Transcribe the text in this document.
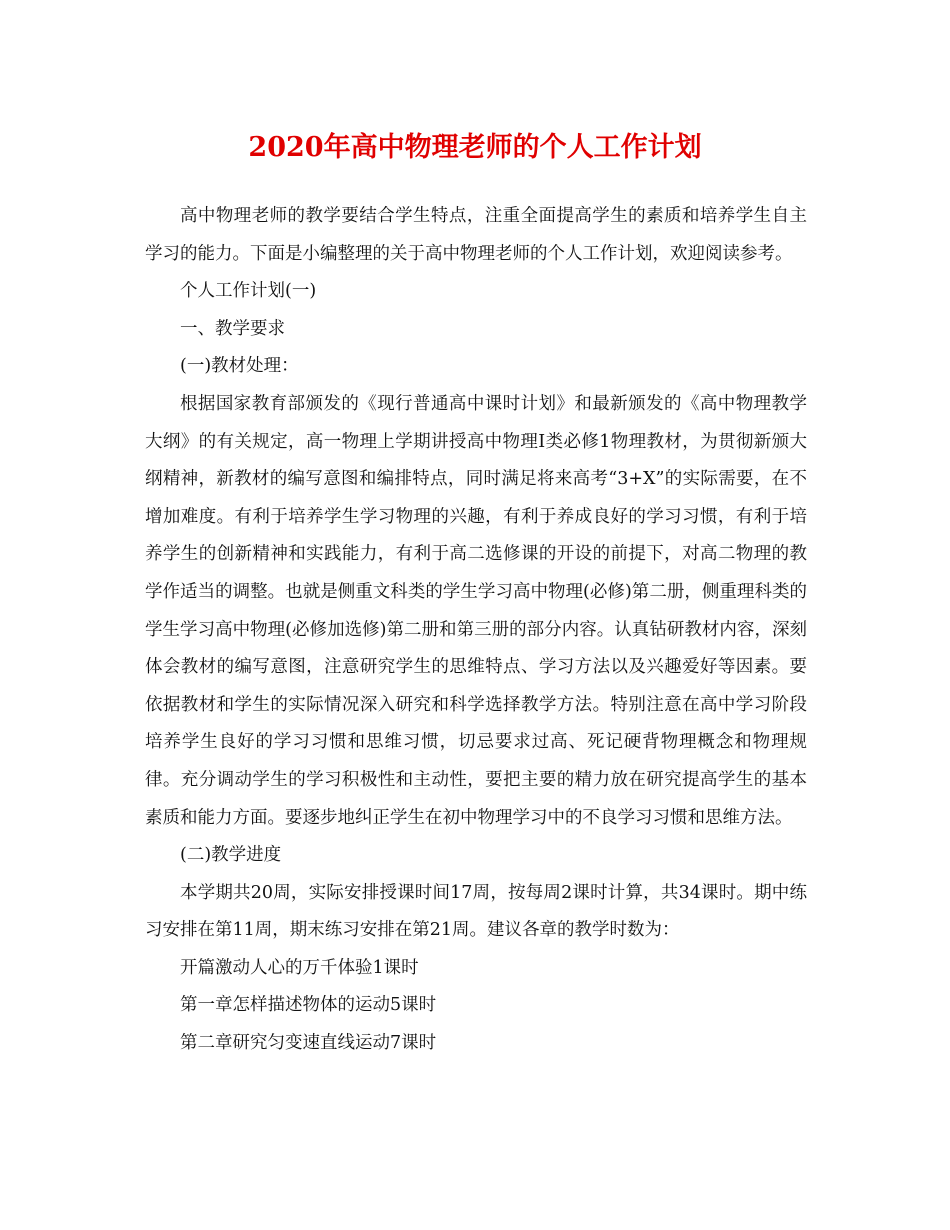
2020年高中物理老师的个人工作计划

高中物理老师的教学要结合学生特点，注重全面提高学生的素质和培养学生自主学习的能力。下面是小编整理的关于高中物理老师的个人工作计划，欢迎阅读参考。

个人工作计划(一)

一、教学要求

(一)教材处理：

根据国家教育部颁发的《现行普通高中课时计划》和最新颁发的《高中物理教学大纲》的有关规定，高一物理上学期讲授高中物理Ⅰ类必修1物理教材，为贯彻新颁大纲精神，新教材的编写意图和编排特点，同时满足将来高考“3+X”的实际需要，在不增加难度。有利于培养学生学习物理的兴趣，有利于养成良好的学习习惯，有利于培养学生的创新精神和实践能力，有利于高二选修课的开设的前提下，对高二物理的教学作适当的调整。也就是侧重文科类的学生学习高中物理(必修)第二册，侧重理科类的学生学习高中物理(必修加选修)第二册和第三册的部分内容。认真钻研教材内容，深刻体会教材的编写意图，注意研究学生的思维特点、学习方法以及兴趣爱好等因素。要依据教材和学生的实际情况深入研究和科学选择教学方法。特别注意在高中学习阶段培养学生良好的学习习惯和思维习惯，切忌要求过高、死记硬背物理概念和物理规律。充分调动学生的学习积极性和主动性，要把主要的精力放在研究提高学生的基本素质和能力方面。要逐步地纠正学生在初中物理学习中的不良学习习惯和思维方法。

(二)教学进度

本学期共20周，实际安排授课时间17周，按每周2课时计算，共34课时。期中练习安排在第11周，期末练习安排在第21周。建议各章的教学时数为：

开篇激动人心的万千体验1课时

第一章怎样描述物体的运动5课时

第二章研究匀变速直线运动7课时
